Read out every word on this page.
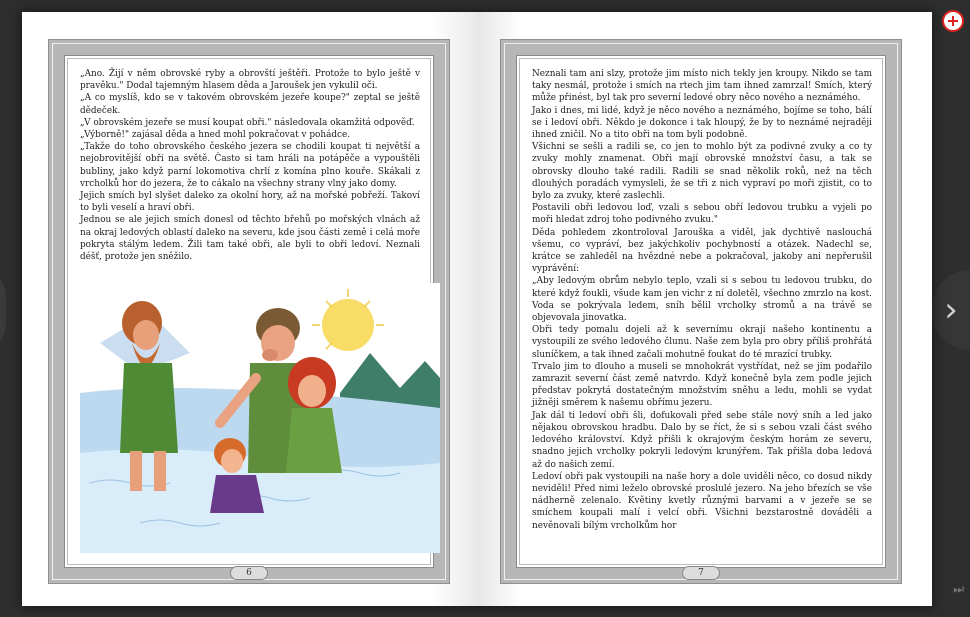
›
⏭

„Ano. Žijí v něm obrovské ryby a obrovští ještěři. Protože to bylo ještě v pravěku." Dodal tajemným hlasem děda a Jaroušek jen vykulil oči.

„A co myslíš, kdo se v takovém obrovském jezeře koupe?" zeptal se ještě dědeček.

„V obrovském jezeře se musí koupat obři." následovala okamžitá odpověď.

„Výborně!" zajásal děda a hned mohl pokračovat v pohádce.

„Takže do toho obrovského českého jezera se chodili koupat ti největší a nejobrovitější obři na světě. Často si tam hráli na potápěče a vypouštěli bubliny, jako když parní lokomotiva chrlí z komína plno kouře. Skákali z vrcholků hor do jezera, že to cákalo na všechny strany vlny jako domy.

Jejich smích byl slyšet daleko za okolní hory, až na mořské pobřeží. Takoví to byli veselí a hraví obři.

Jednou se ale jejich smích donesl od těchto břehů po mořských vlnách až na okraj ledových oblastí daleko na severu, kde jsou části země i celá moře pokryta stálým ledem. Žili tam také obři, ale byli to obři ledoví. Neznali déšť, protože jen sněžilo.

6

Neznali tam ani slzy, protože jim místo nich tekly jen kroupy. Nikdo se tam taky nesmál, protože i smích na rtech jim tam ihned zamrzal! Smích, který může přinést, byl tak pro severní ledové obry něco nového a neznámého.

Jako i dnes, mi lidé, když je něco nového a neznámého, bojíme se toho, bálí se i ledoví obři. Někdo je dokonce i tak hloupý, že by to neznámé nejraději ihned zničil. No a tito obři na tom byli podobně.

Všichni se sešli a radili se, co jen to mohlo být za podivné zvuky a co ty zvuky mohly znamenat. Obři mají obrovské množství času, a tak se obrovsky dlouho také radili. Radili se snad několik roků, než na těch dlouhých poradách vymysleli, že se tři z nich vypraví po moři zjistit, co to bylo za zvuky, které zaslechli.

Postavili obři ledovou loď, vzali s sebou obří ledovou trubku a vyjeli po moři hledat zdroj toho podivného zvuku."

Děda pohledem zkontroloval Jarouška a viděl, jak dychtivě naslouchá všemu, co vypráví, bez jakýchkoliv pochybností a otázek. Nadechl se, krátce se zahleděl na hvězdné nebe a pokračoval, jakoby ani nepřerušil vyprávění:

„Aby ledovým obrům nebylo teplo, vzali si s sebou tu ledovou trubku, do které když foukli, všude kam jen vichr z ní doletěl, všechno zmrzlo na kost. Voda se pokrývala ledem, sníh bělil vrcholky stromů a na trávě se objevovala jinovatka.

Obři tedy pomalu dojeli až k severnímu okraji našeho kontinentu a vystoupili ze svého ledového člunu. Naše zem byla pro obry příliš prohřátá sluníčkem, a tak ihned začali mohutně foukat do té mrazící trubky.

Trvalo jim to dlouho a museli se mnohokrát vystřídat, než se jim podařilo zamrazit severní část země natvrdo. Když konečně byla zem podle jejich představ pokrytá dostatečným množstvím sněhu a ledu, mohli se vydat jižněji směrem k našemu obřímu jezeru.

Jak dál ti ledoví obři šli, dofukovali před sebe stále nový sníh a led jako nějakou obrovskou hradbu. Dalo by se říct, že si s sebou vzali část svého ledového království. Když přišli k okrajovým českým horám ze severu, snadno jejich vrcholky pokryli ledovým krunýřem. Tak přišla doba ledová až do našich zemí.

Ledoví obři pak vystoupili na naše hory a dole uviděli něco, co dosud nikdy neviděli! Před nimi leželo obrovské proslulé jezero. Na jeho březích se vše nádherně zelenalo. Květiny kvetly různými barvami a v jezeře se se smíchem koupali malí i velcí obři. Všichni bezstarostně dováděli a nevěnovali bílým vrcholkům hor

7
